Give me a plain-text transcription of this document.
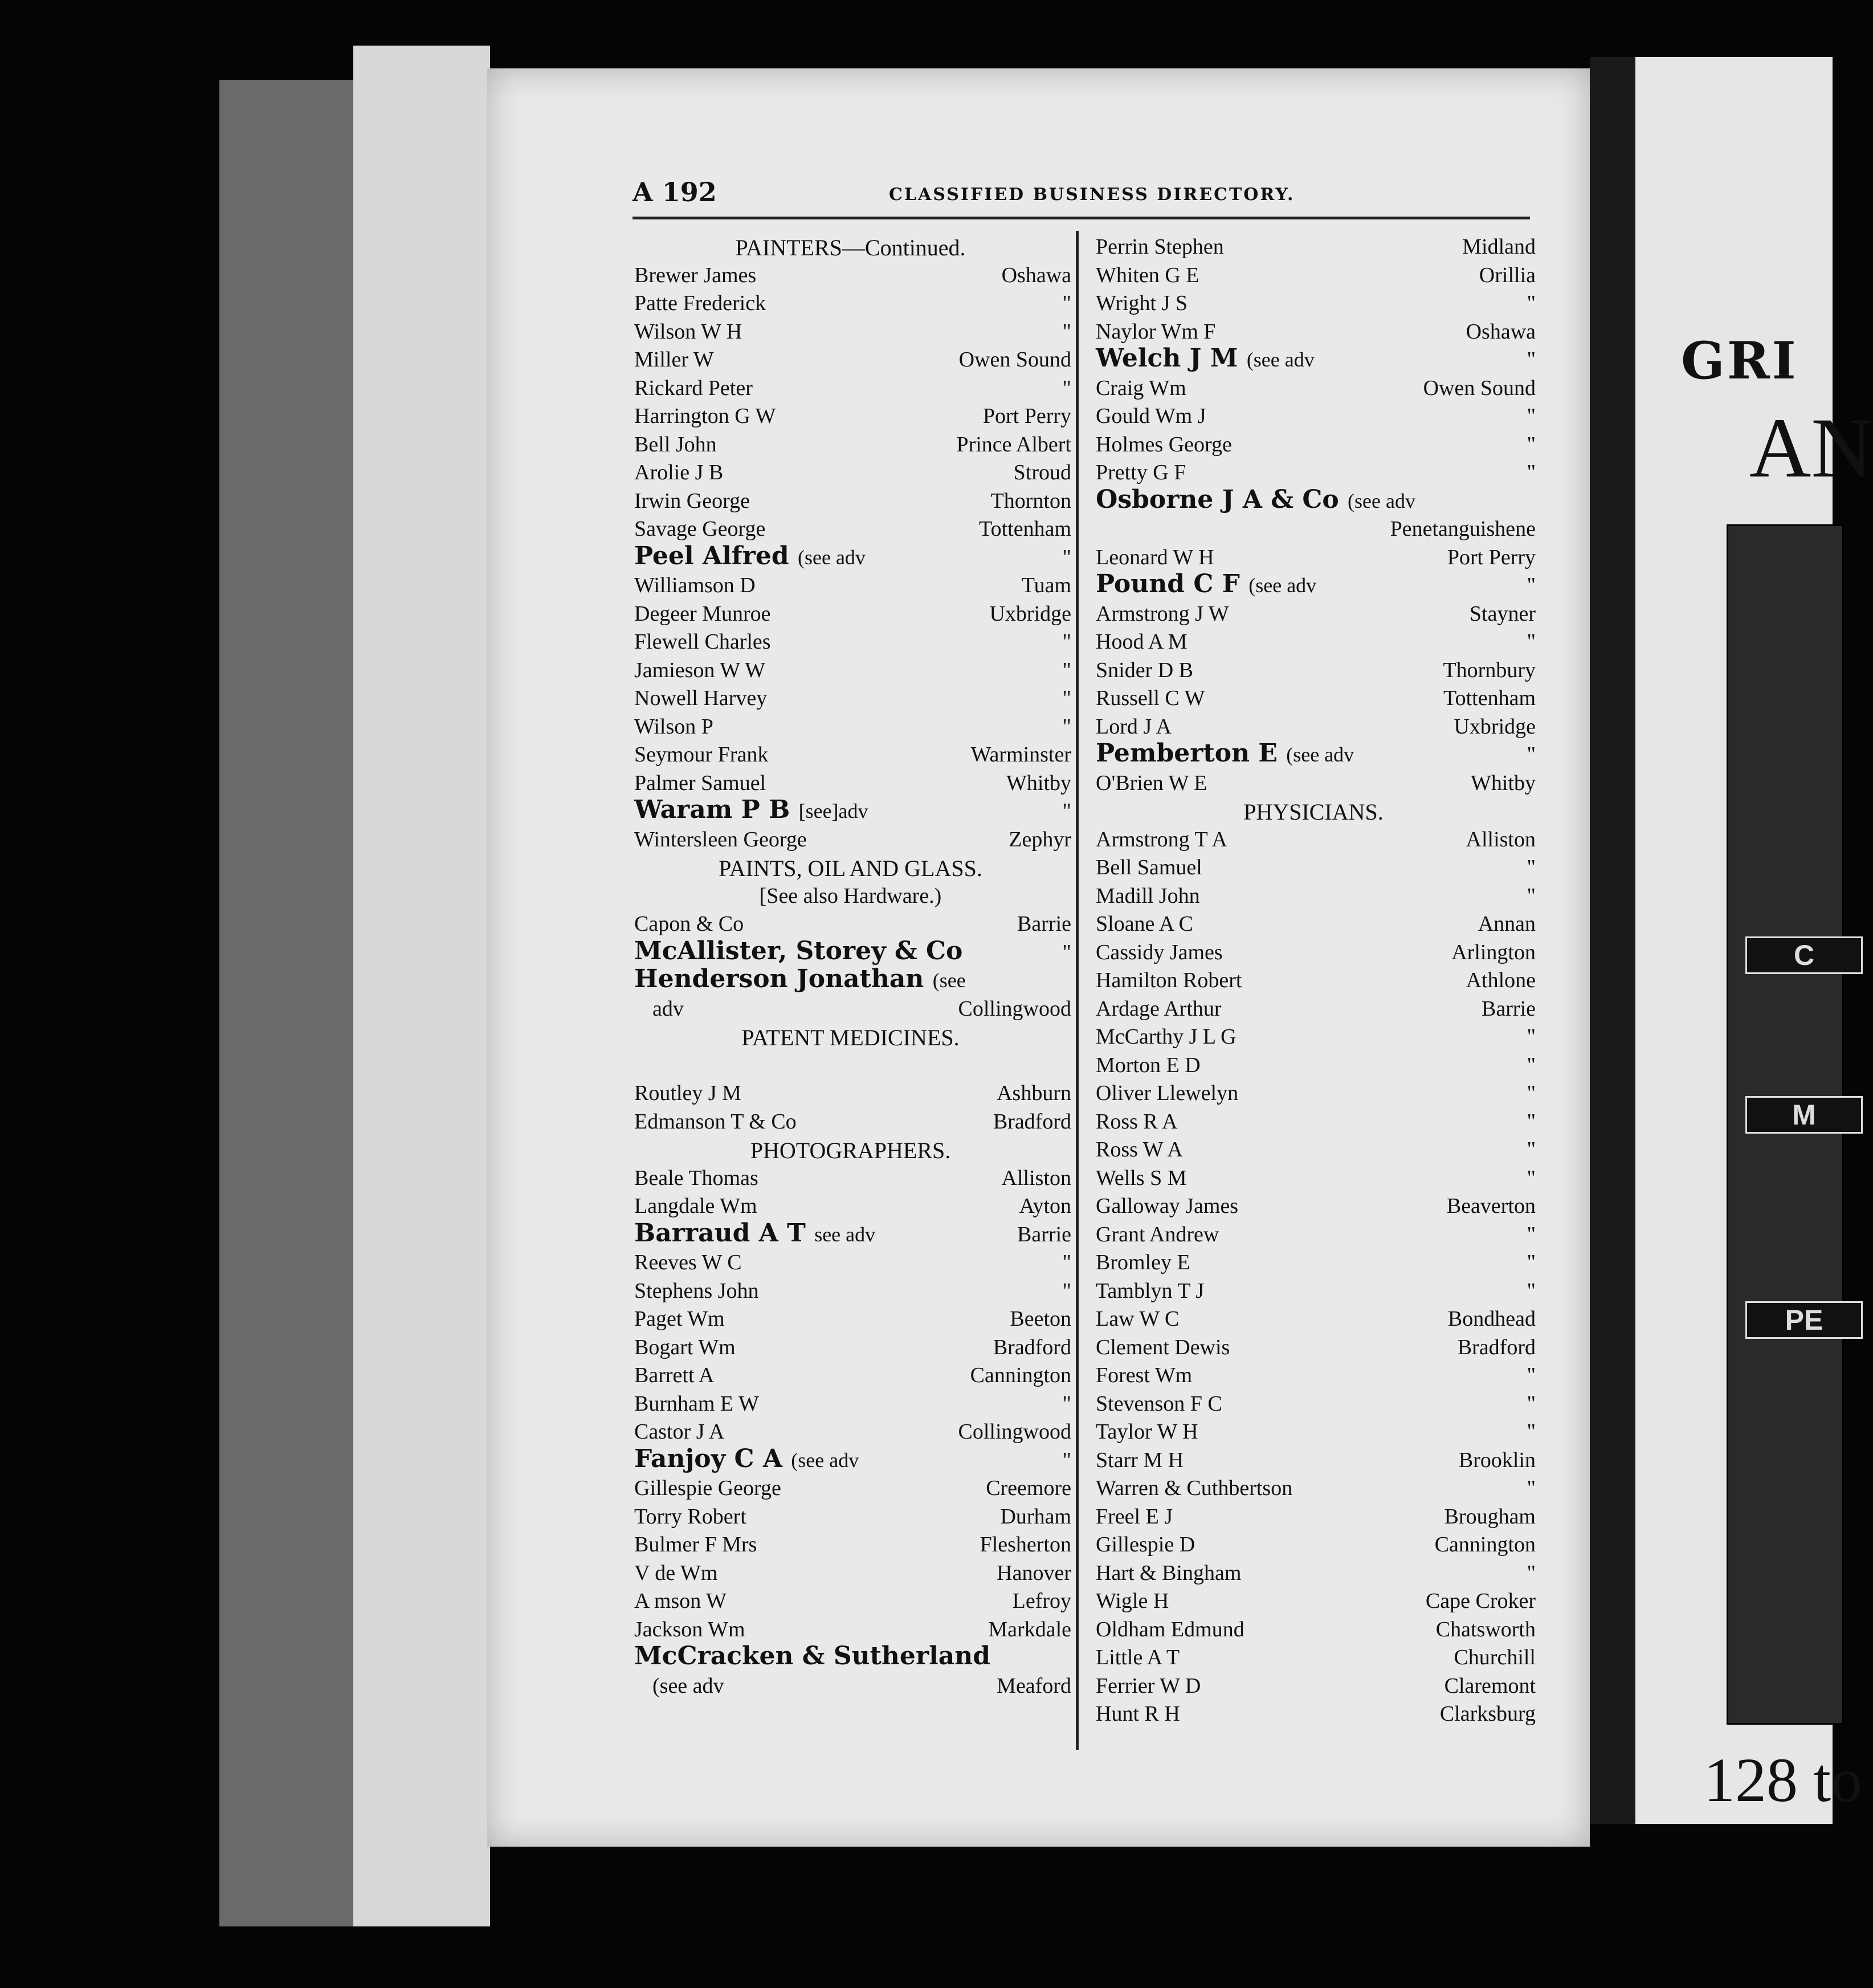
A 192	CLASSIFIED BUSINESS DIRECTORY.
PAINTERS—Continued.
Brewer James	Oshawa
Patte Frederick	"
Wilson W H	"
Miller W	Owen Sound
Rickard Peter	"
Harrington G W	Port Perry
Bell John	Prince Albert
Arolie J B	Stroud
Irwin George	Thornton
Savage George	Tottenham
Peel Alfred (see adv	"
Williamson D	Tuam
Degeer Munroe	Uxbridge
Flewell Charles	"
Jamieson W W	"
Nowell Harvey	"
Wilson P	"
Seymour Frank	Warminster
Palmer Samuel	Whitby
Waram P B [see]adv	"
Wintersleen George	Zephyr
PAINTS, OIL AND GLASS.
[See also Hardware.)
Capon & Co	Barrie
McAllister, Storey & Co	"
Henderson Jonathan (see
adv	Collingwood
PATENT MEDICINES.
Routley J M	Ashburn
Edmanson T & Co	Bradford
PHOTOGRAPHERS.
Beale Thomas	Alliston
Langdale Wm	Ayton
Barraud A T see adv	Barrie
Reeves W C	"
Stephens John	"
Paget Wm	Beeton
Bogart Wm	Bradford
Barrett A	Cannington
Burnham E W	"
Castor J A	Collingwood
Fanjoy C A (see adv	"
Gillespie George	Creemore
Torry Robert	Durham
Bulmer F Mrs	Flesherton
V de Wm	Hanover
A mson W	Lefroy
Jackson Wm	Markdale
McCracken & Sutherland
(see adv	Meaford
Perrin Stephen	Midland
Whiten G E	Orillia
Wright J S	"
Naylor Wm F	Oshawa
Welch J M (see adv	"
Craig Wm	Owen Sound
Gould Wm J	"
Holmes George	"
Pretty G F	"
Osborne J A & Co (see adv
Penetanguishene
Leonard W H	Port Perry
Pound C F (see adv	"
Armstrong J W	Stayner
Hood A M	"
Snider D B	Thornbury
Russell C W	Tottenham
Lord J A	Uxbridge
Pemberton E (see adv	"
O'Brien W E	Whitby
PHYSICIANS.
Armstrong T A	Alliston
Bell Samuel	"
Madill John	"
Sloane A C	Annan
Cassidy James	Arlington
Hamilton Robert	Athlone
Ardage Arthur	Barrie
McCarthy J L G	"
Morton E D	"
Oliver Llewelyn	"
Ross R A	"
Ross W A	"
Wells S M	"
Galloway James	Beaverton
Grant Andrew	"
Bromley E	"
Tamblyn T J	"
Law W C	Bondhead
Clement Dewis	Bradford
Forest Wm	"
Stevenson F C	"
Taylor W H	"
Starr M H	Brooklin
Warren & Cuthbertson	"
Freel E J	Brougham
Gillespie D	Cannington
Hart & Bingham	"
Wigle H	Cape Croker
Oldham Edmund	Chatsworth
Little A T	Churchill
Ferrier W D	Claremont
Hunt R H	Clarksburg
GRI
AN
C
M
PE
128 to
